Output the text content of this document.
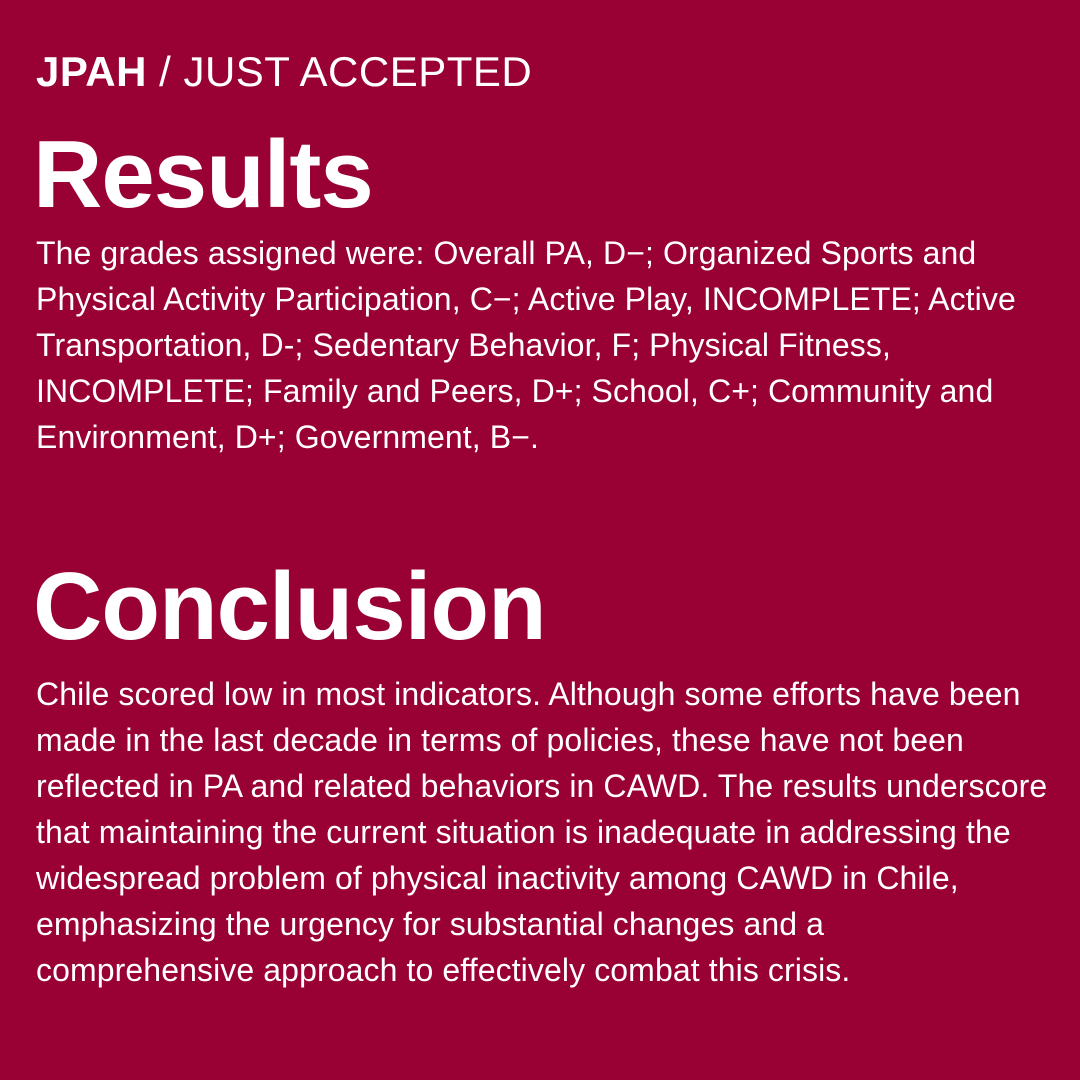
JPAH / JUST ACCEPTED
Results
The grades assigned were: Overall PA, D−; Organized Sports and Physical Activity Participation, C−; Active Play, INCOMPLETE; Active Transportation, D-; Sedentary Behavior, F; Physical Fitness, INCOMPLETE; Family and Peers, D+; School, C+; Community and Environment, D+; Government, B−.
Conclusion
Chile scored low in most indicators. Although some efforts have been made in the last decade in terms of policies, these have not been reflected in PA and related behaviors in CAWD. The results underscore that maintaining the current situation is inadequate in addressing the widespread problem of physical inactivity among CAWD in Chile, emphasizing the urgency for substantial changes and a comprehensive approach to effectively combat this crisis.
